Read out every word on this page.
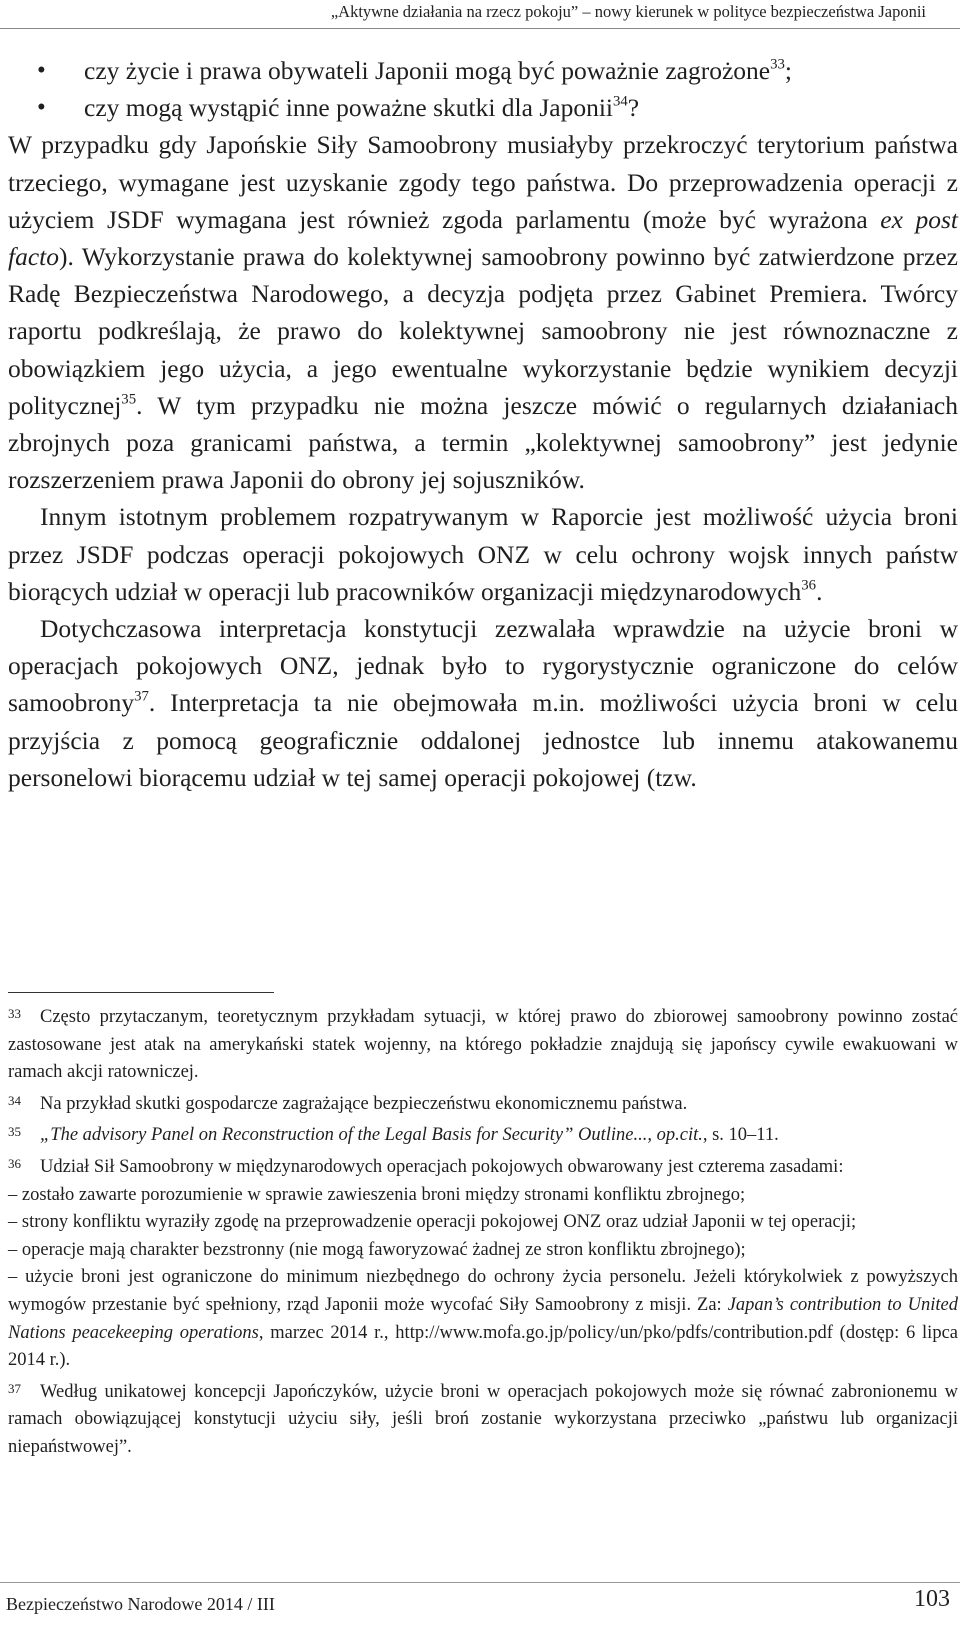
„Aktywne działania na rzecz pokoju” – nowy kierunek w polityce bezpieczeństwa Japonii
• czy życie i prawa obywateli Japonii mogą być poważnie zagrożone$^{33}$;
• czy mogą wystąpić inne poważne skutki dla Japonii$^{34}$?

W przypadku gdy Japońskie Siły Samoobrony musiałyby przekroczyć terytorium państwa trzeciego, wymagane jest uzyskanie zgody tego państwa. Do przeprowadzenia operacji z użyciem JSDF wymagana jest również zgoda parlamentu (może być wyrażona ex post facto). Wykorzystanie prawa do kolektywnej samoobrony powinno być zatwierdzone przez Radę Bezpieczeństwa Narodowego, a decyzja podjęta przez Gabinet Premiera. Twórcy raportu podkreślają, że prawo do kolektywnej samoobrony nie jest równoznaczne z obowiązkiem jego użycia, a jego ewentualne wykorzystanie będzie wynikiem decyzji politycznej$^{35}$. W tym przypadku nie można jeszcze mówić o regularnych działaniach zbrojnych poza granicami państwa, a termin „kolektywnej samoobrony” jest jedynie rozszerzeniem prawa Japonii do obrony jej sojuszników.

Innym istotnym problemem rozpatrywanym w Raporcie jest możliwość użycia broni przez JSDF podczas operacji pokojowych ONZ w celu ochrony wojsk innych państw biorących udział w operacji lub pracowników organizacji międzynarodowych$^{36}$.

Dotychczasowa interpretacja konstytucji zezwalała wprawdzie na użycie broni w operacjach pokojowych ONZ, jednak było to rygorystycznie ograniczone do celów samoobrony$^{37}$. Interpretacja ta nie obejmowała m.in. możliwości użycia broni w celu przyjścia z pomocą geograficznie oddalonej jednostce lub innemu atakowanemu personelowi biorącemu udział w tej samej operacji pokojowej (tzw.

33 Często przytaczanym, teoretycznym przykładam sytuacji, w której prawo do zbiorowej samoobrony powinno zostać zastosowane jest atak na amerykański statek wojenny, na którego pokładzie znajdują się japońscy cywile ewakuowani w ramach akcji ratowniczej.

34 Na przykład skutki gospodarcze zagrażające bezpieczeństwu ekonomicznemu państwa.

35 „The advisory Panel on Reconstruction of the Legal Basis for Security” Outline..., op.cit., s. 10–11.

36 Udział Sił Samoobrony w międzynarodowych operacjach pokojowych obwarowany jest czterema zasadami:

– zostało zawarte porozumienie w sprawie zawieszenia broni między stronami konfliktu zbrojnego;

– strony konfliktu wyraziły zgodę na przeprowadzenie operacji pokojowej ONZ oraz udział Japonii w tej operacji;

– operacje mają charakter bezstronny (nie mogą faworyzować żadnej ze stron konfliktu zbrojnego);

– użycie broni jest ograniczone do minimum niezbędnego do ochrony życia personelu. Jeżeli którykolwiek z powyższych wymogów przestanie być spełniony, rząd Japonii może wycofać Siły Samoobrony z misji. Za: Japan’s contribution to United Nations peacekeeping operations, marzec 2014 r., http://www.mofa.go.jp/policy/un/pko/pdfs/contribution.pdf (dostęp: 6 lipca 2014 r.).

37 Według unikatowej koncepcji Japończyków, użycie broni w operacjach pokojowych może się równać zabronionemu w ramach obowiązującej konstytucji użyciu siły, jeśli broń zostanie wykorzystana przeciwko „państwu lub organizacji niepaństwowej”.

Bezpieczeństwo Narodowe 2014 / III	103
